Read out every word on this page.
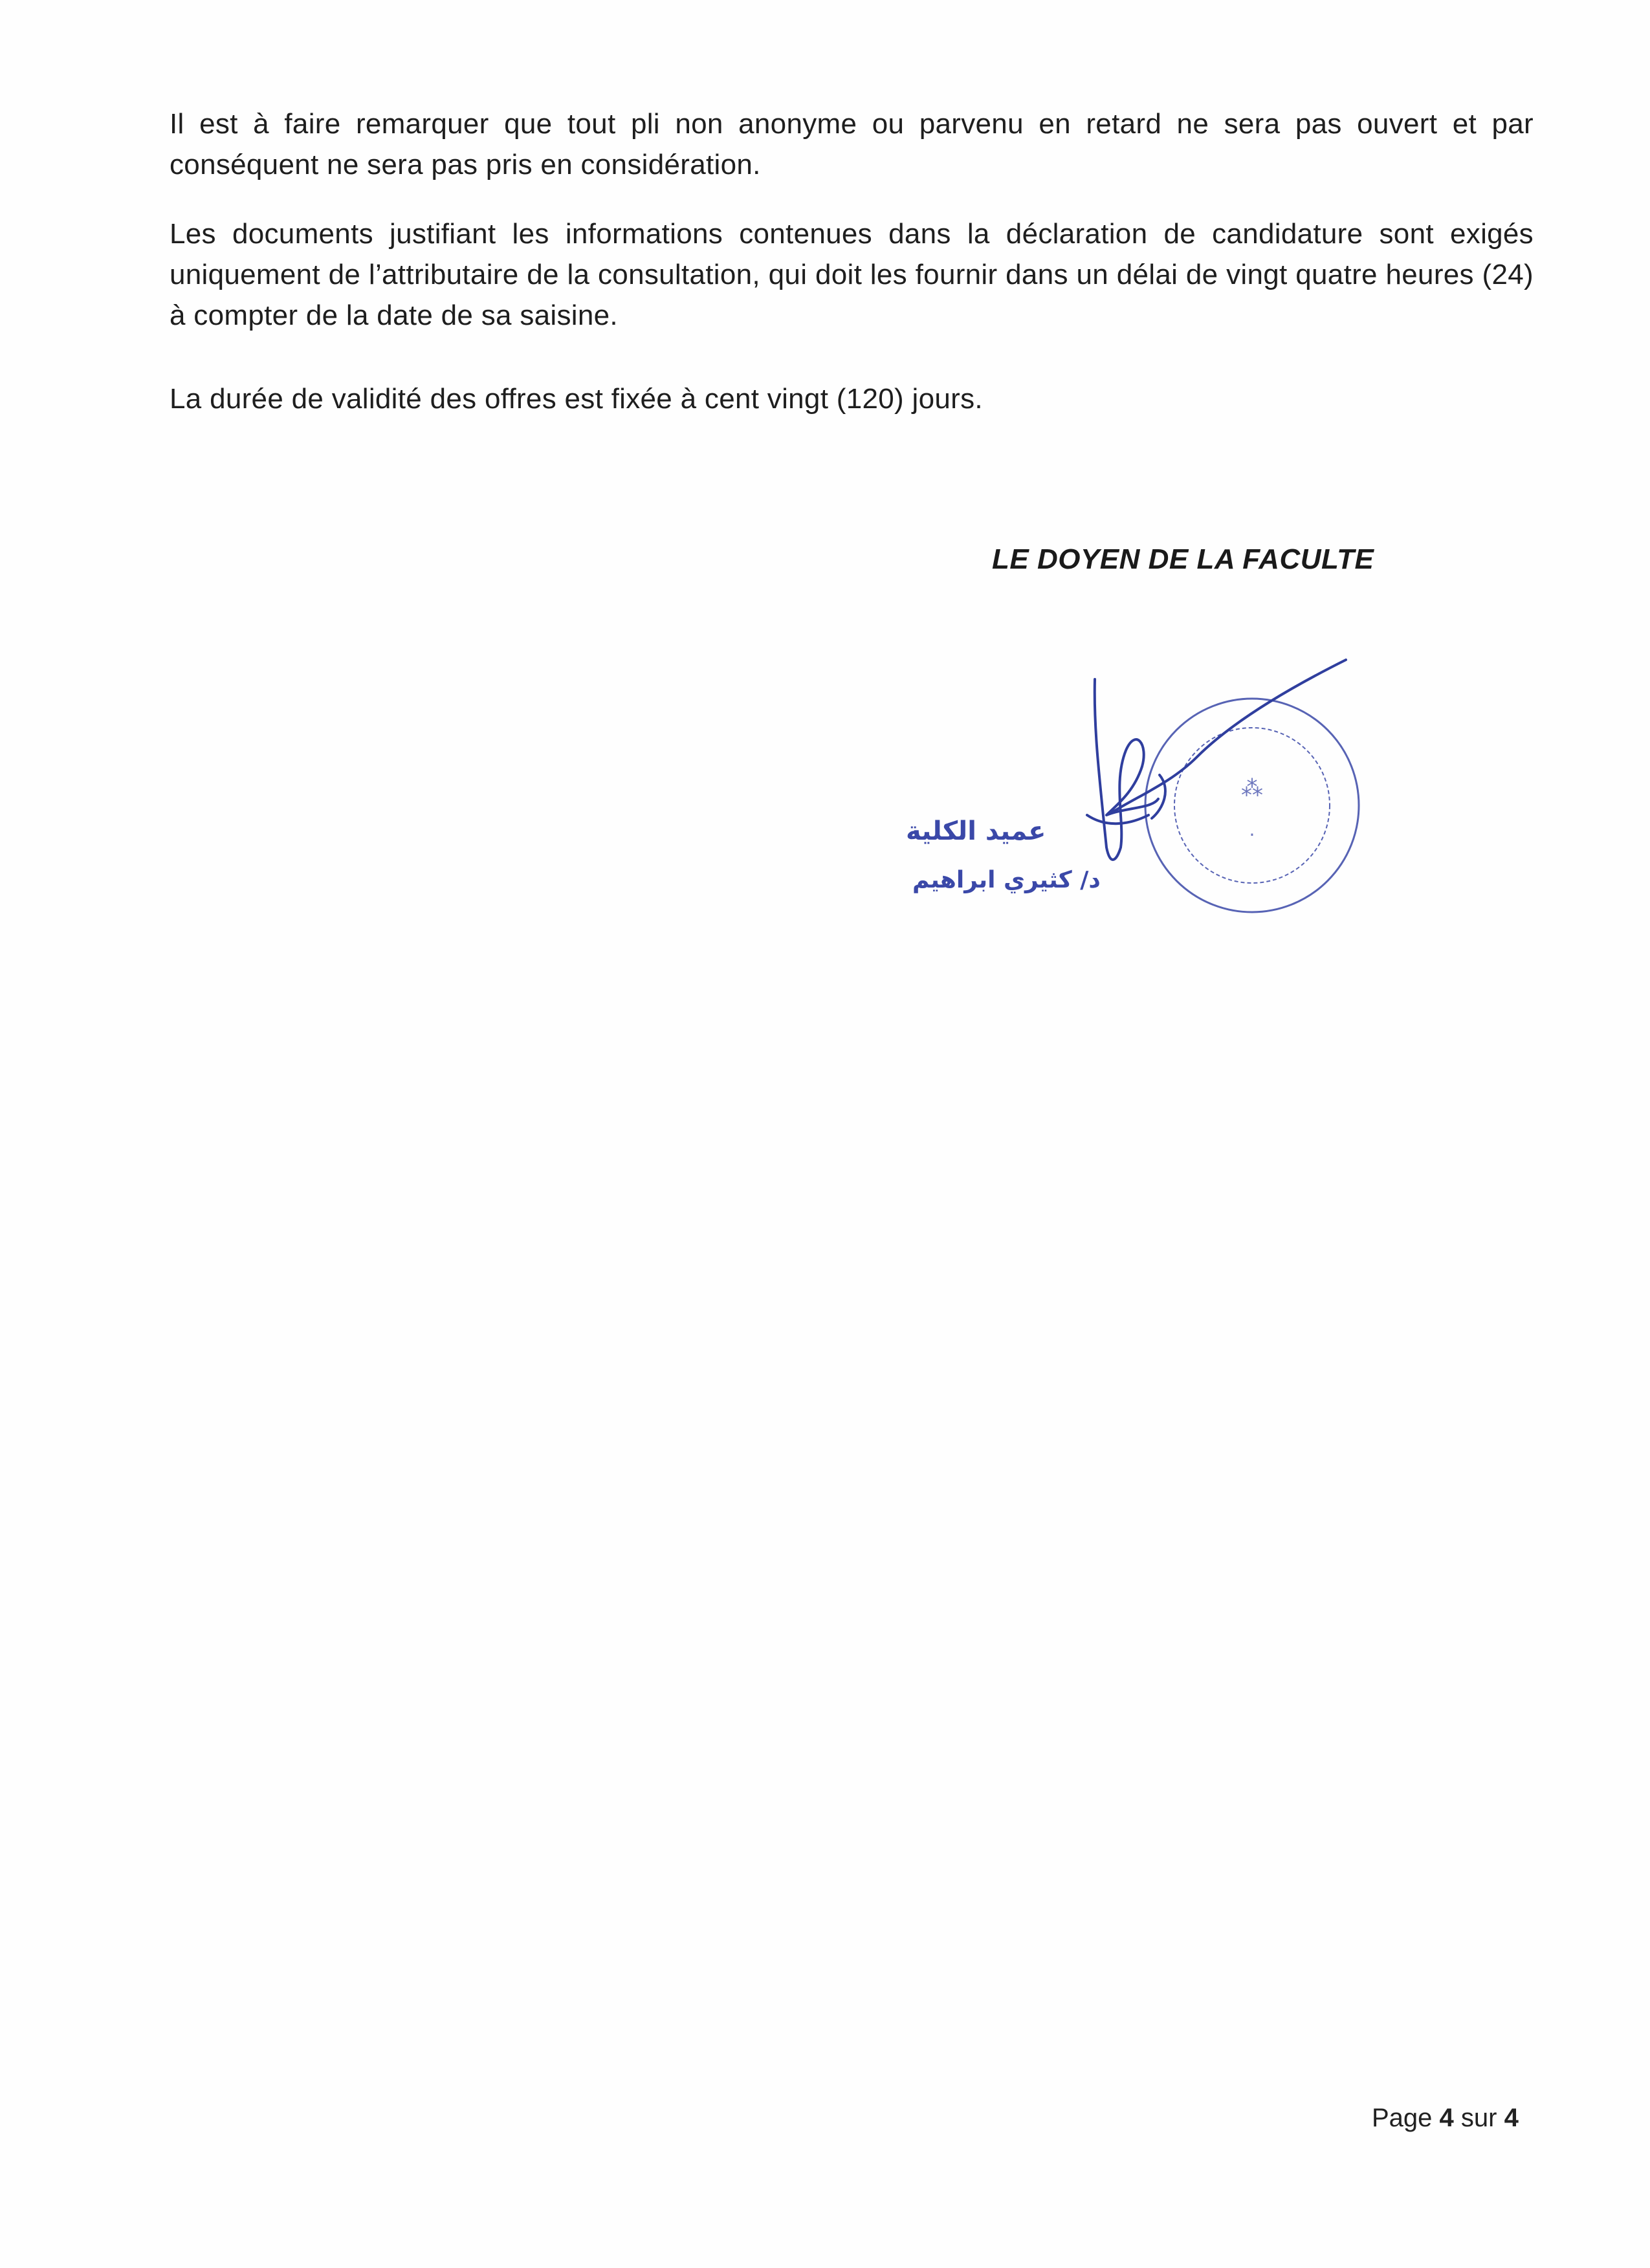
Il est à faire remarquer que tout pli non anonyme ou parvenu en retard ne sera pas ouvert et par conséquent ne sera pas pris en considération.

Les documents justifiant les informations contenues dans la déclaration de candidature sont exigés uniquement de l’attributaire de la consultation, qui doit les fournir dans un délai de vingt quatre heures (24) à compter de la date de sa saisine.

La durée de validité des offres est fixée à cent vingt (120) jours.

LE DOYEN DE LA FACULTE
⁂
·
عميد الكلية
د/ كثيري ابراهيم
Page 4 sur 4
